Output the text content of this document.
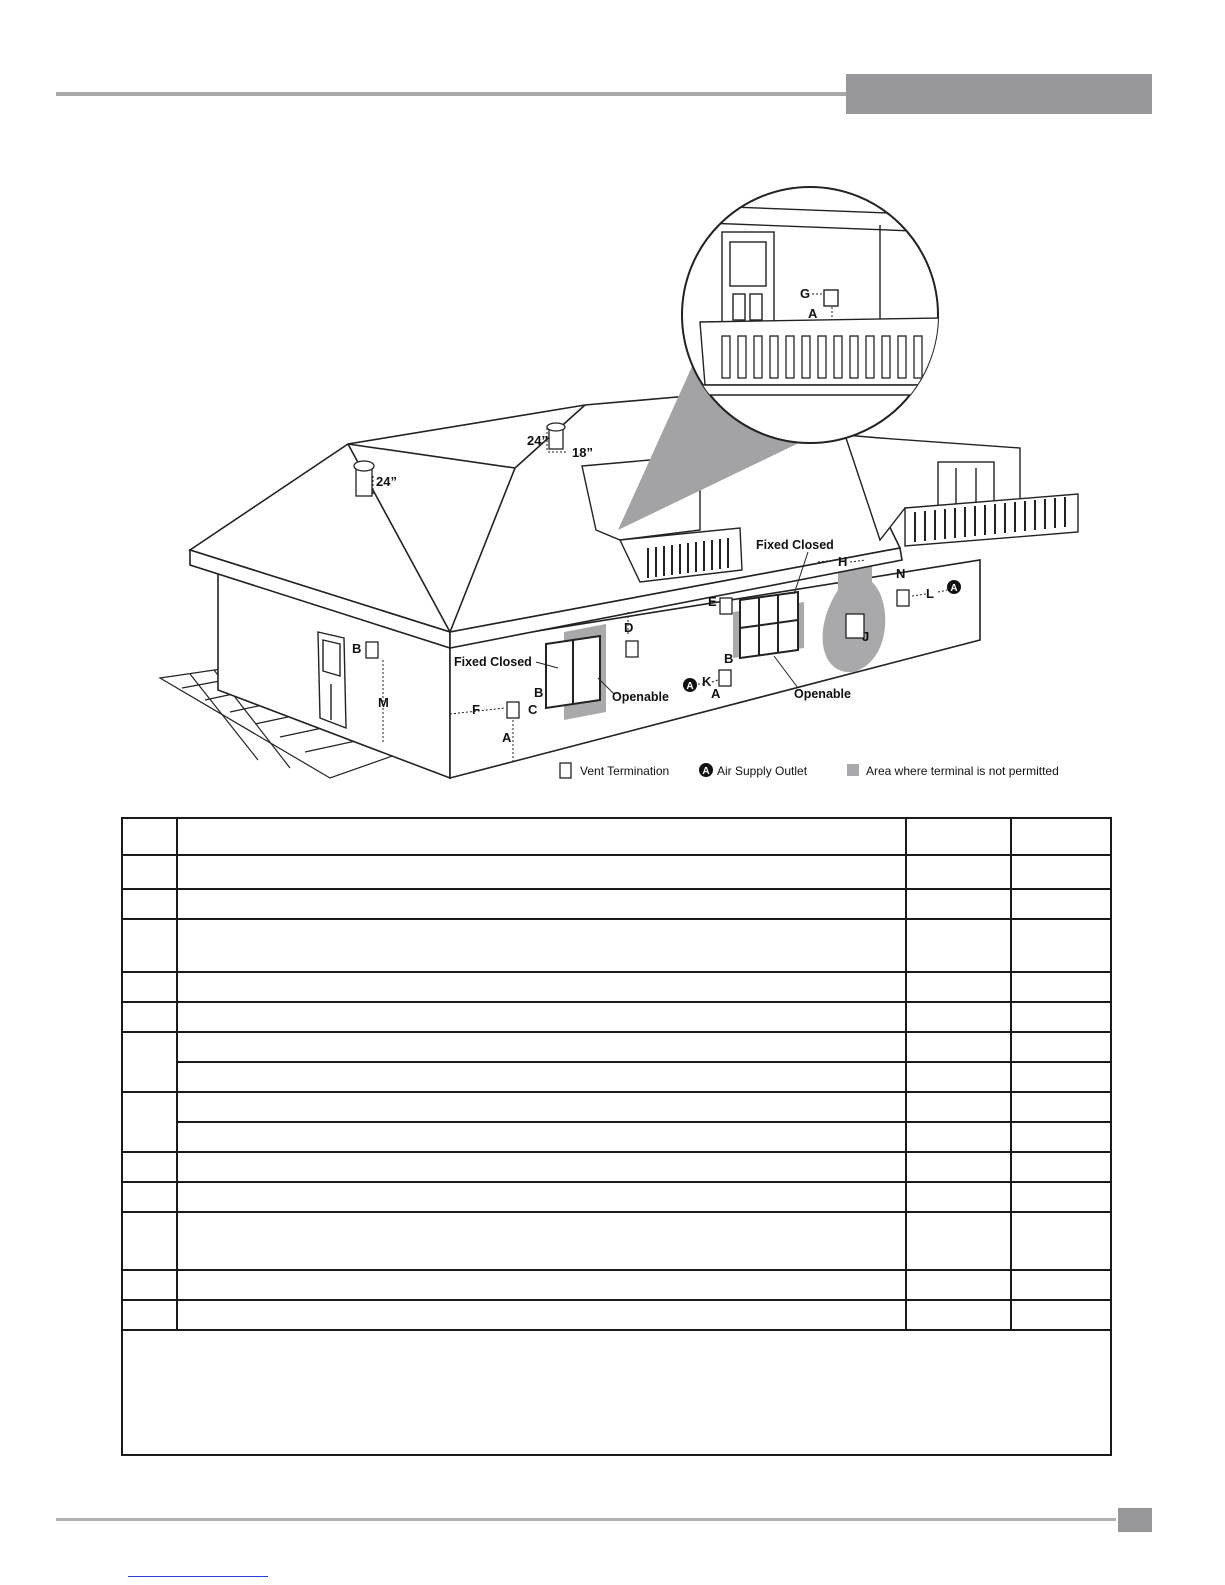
G
A
B
M	F	C
B
A
D
E
B
K
A
H
J
N
L
A
A
24”
24”
18”
Fixed Closed
Openable
Fixed Closed
Openable
Vent Termination	A Air Supply Outlet	Area where terminal is not permitted
